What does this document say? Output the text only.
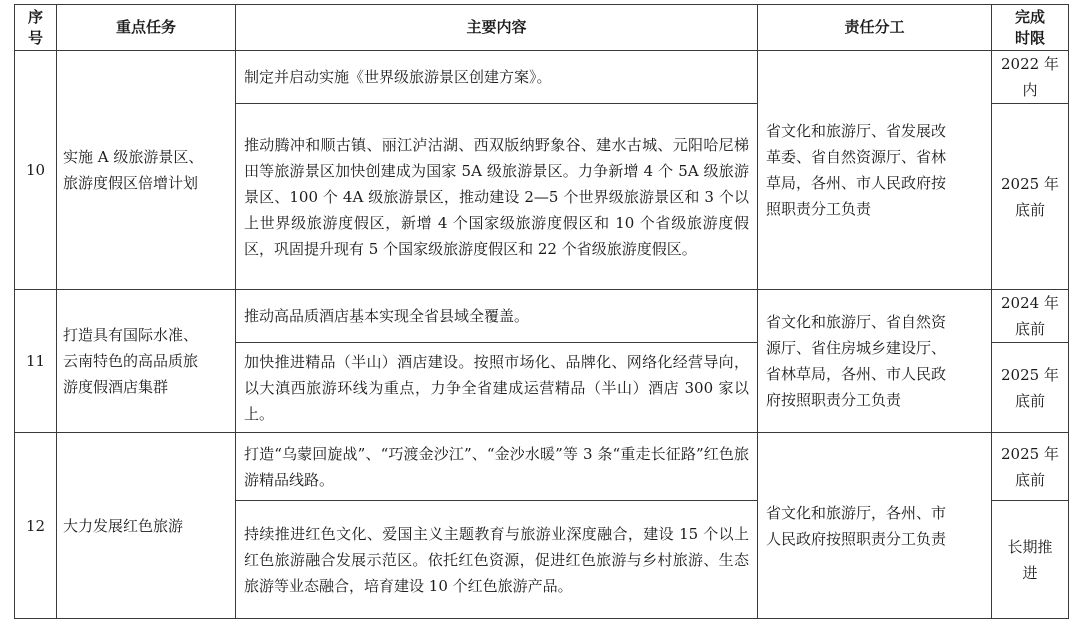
序
号	重点任务	主要内容	责任分工	完成
时限
10	实施 A 级旅游景区、
旅游度假区倍增计划	制定并启动实施《世界级旅游景区创建方案》。	省文化和旅游厅、省发展改
革委、省自然资源厅、省林
草局，各州、市人民政府按
照职责分工负责	2022 年
内
		推动腾冲和顺古镇、丽江泸沽湖、西双版纳野象谷、建水古城、元阳哈尼梯田等旅游景区加快创建成为国家 5A 级旅游景区。力争新增 4 个 5A 级旅游景区、100 个 4A 级旅游景区，推动建设 2—5 个世界级旅游景区和 3 个以上世界级旅游度假区，新增 4 个国家级旅游度假区和 10 个省级旅游度假区，巩固提升现有 5 个国家级旅游度假区和 22 个省级旅游度假区。		2025 年
底前
11	打造具有国际水准、
云南特色的高品质旅
游度假酒店集群	推动高品质酒店基本实现全省县域全覆盖。	省文化和旅游厅、省自然资
源厅、省住房城乡建设厅、
省林草局，各州、市人民政
府按照职责分工负责	2024 年
底前
		加快推进精品（半山）酒店建设。按照市场化、品牌化、网络化经营导向，以大滇西旅游环线为重点，力争全省建成运营精品（半山）酒店 300 家以上。		2025 年
底前
12	大力发展红色旅游	打造“乌蒙回旋战”、“巧渡金沙江”、“金沙水暖”等 3 条“重走长征路”红色旅游精品线路。	省文化和旅游厅，各州、市
人民政府按照职责分工负责	2025 年
底前
		持续推进红色文化、爱国主义主题教育与旅游业深度融合，建设 15 个以上红色旅游融合发展示范区。依托红色资源，促进红色旅游与乡村旅游、生态旅游等业态融合，培育建设 10 个红色旅游产品。		长期推
进
